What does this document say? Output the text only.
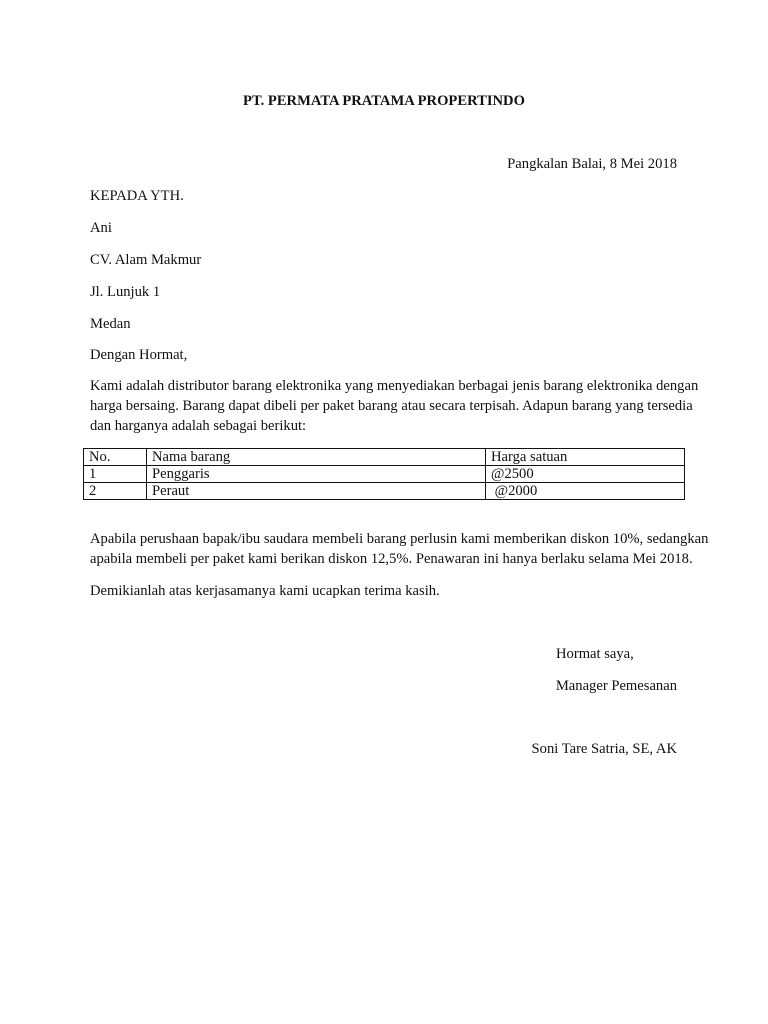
PT. PERMATA PRATAMA PROPERTINDO
Pangkalan Balai, 8 Mei 2018
KEPADA YTH.
Ani
CV. Alam Makmur
Jl. Lunjuk 1
Medan
Dengan Hormat,
Kami adalah distributor barang elektronika yang menyediakan berbagai jenis barang elektronika dengan
harga bersaing. Barang dapat dibeli per paket barang atau secara terpisah. Adapun barang yang tersedia
dan harganya adalah sebagai berikut:
No.	Nama barang	Harga satuan
1	Penggaris	@2500
2	Peraut	@2000
Apabila perushaan bapak/ibu saudara membeli barang perlusin kami memberikan diskon 10%, sedangkan
apabila membeli per paket kami berikan diskon 12,5%. Penawaran ini hanya berlaku selama Mei 2018.
Demikianlah atas kerjasamanya kami ucapkan terima kasih.
Hormat saya,
Manager Pemesanan
Soni Tare Satria, SE, AK
